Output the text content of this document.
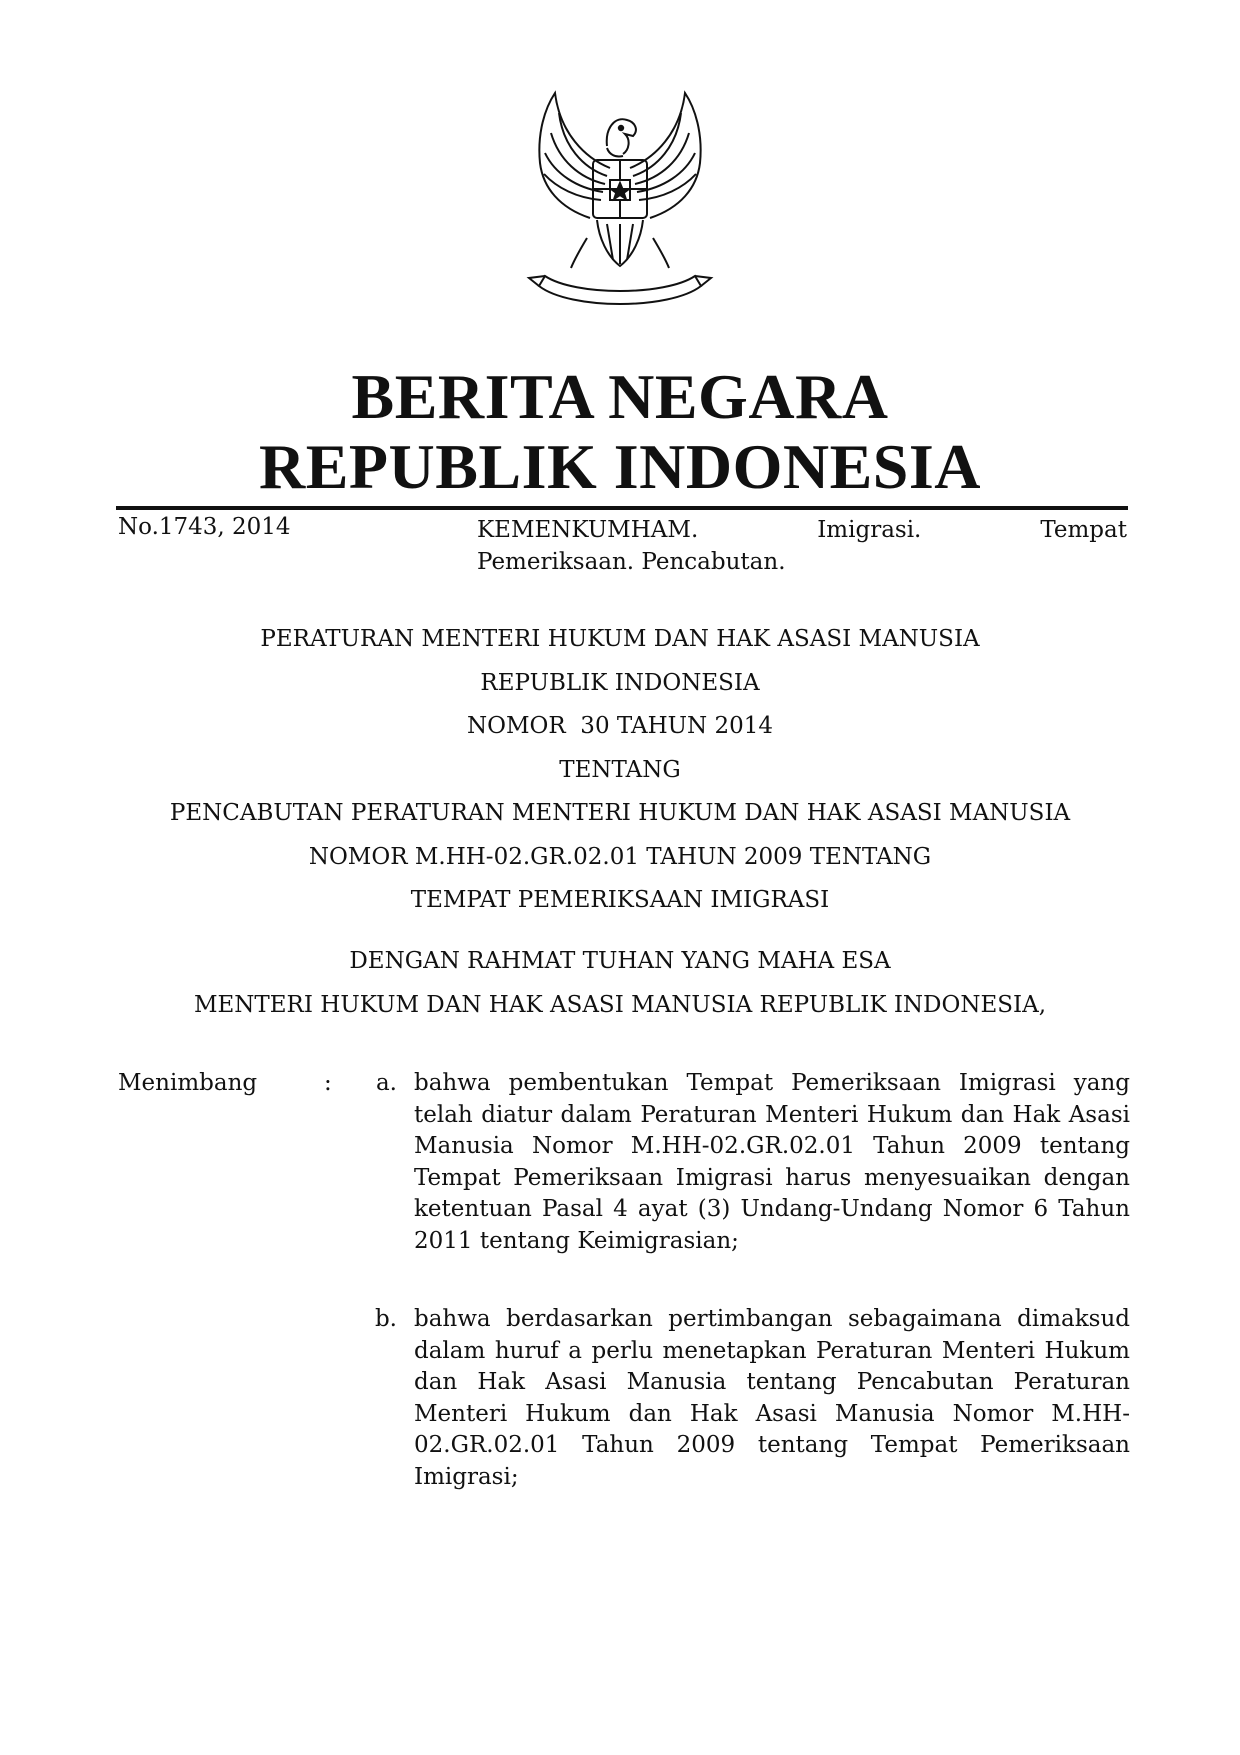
BERITA NEGARA
REPUBLIK INDONESIA
No.1743, 2014	KEMENKUMHAM.	Imigrasi.	Tempat
Pemeriksaan. Pencabutan.
PERATURAN MENTERI HUKUM DAN HAK ASASI MANUSIA
REPUBLIK INDONESIA
NOMOR  30 TAHUN 2014
TENTANG
PENCABUTAN PERATURAN MENTERI HUKUM DAN HAK ASASI MANUSIA
NOMOR M.HH-02.GR.02.01 TAHUN 2009 TENTANG
TEMPAT PEMERIKSAAN IMIGRASI
DENGAN RAHMAT TUHAN YANG MAHA ESA
MENTERI HUKUM DAN HAK ASASI MANUSIA REPUBLIK INDONESIA,
Menimbang	:	a. bahwa pembentukan Tempat Pemeriksaan Imigrasi yang telah diatur dalam Peraturan Menteri Hukum dan Hak Asasi Manusia Nomor M.HH-02.GR.02.01 Tahun 2009 tentang Tempat Pemeriksaan Imigrasi harus menyesuaikan dengan ketentuan Pasal 4 ayat (3) Undang-Undang Nomor 6 Tahun 2011 tentang Keimigrasian;
b. bahwa berdasarkan pertimbangan sebagaimana dimaksud dalam huruf a perlu menetapkan Peraturan Menteri Hukum dan Hak Asasi Manusia tentang Pencabutan Peraturan Menteri Hukum dan Hak Asasi Manusia Nomor M.HH-02.GR.02.01 Tahun 2009 tentang Tempat Pemeriksaan Imigrasi;
